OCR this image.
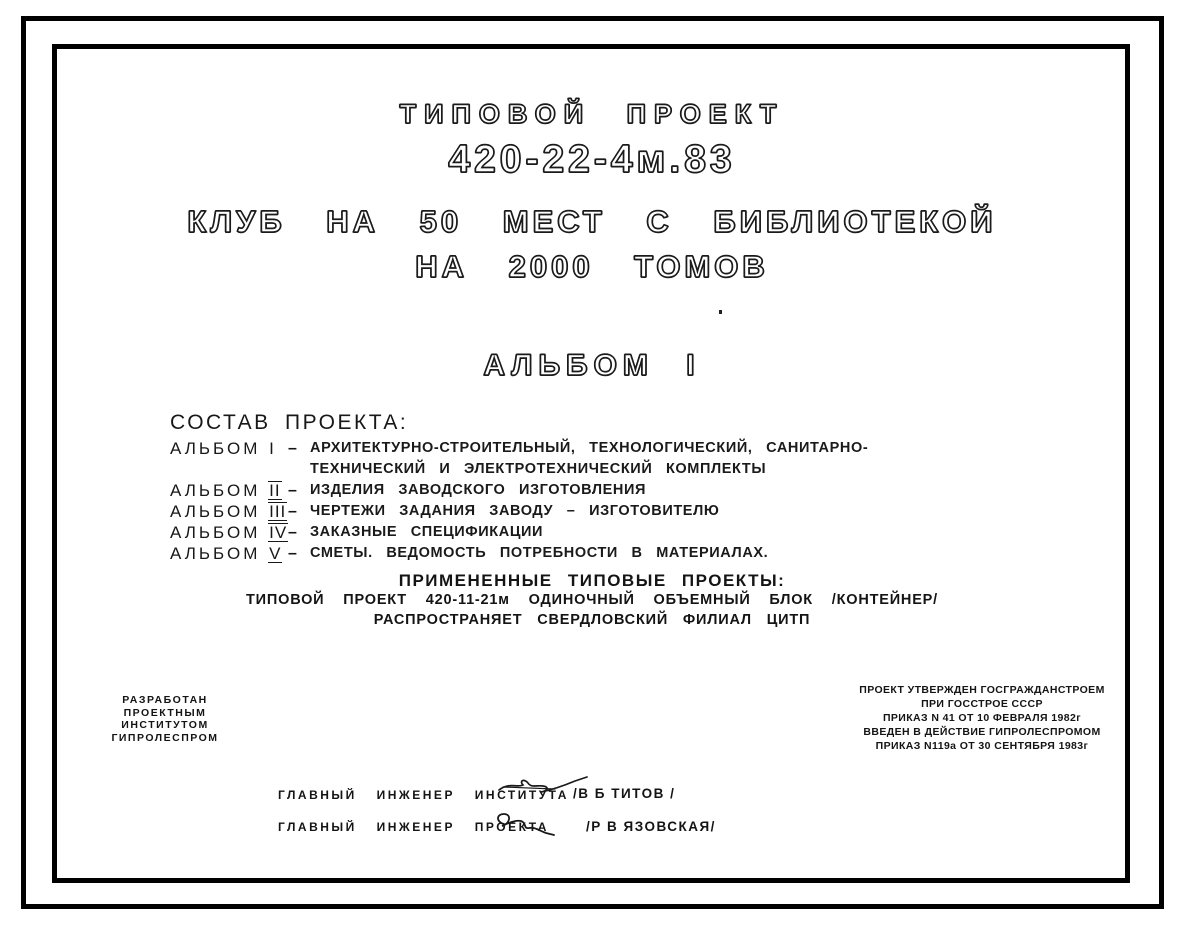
ТИПОВОЙ ПРОЕКТ
420-22-4м.83
КЛУБ НА 50 МЕСТ С БИБЛИОТЕКОЙ
НА 2000 ТОМОВ
АЛЬБОМ I
СОСТАВ ПРОЕКТА:
АЛЬБОМ I – АРХИТЕКТУРНО-СТРОИТЕЛЬНЫЙ, ТЕХНОЛОГИЧЕСКИЙ, САНИТАРНО-ТЕХНИЧЕСКИЙ И ЭЛЕКТРОТЕХНИЧЕСКИЙ КОМПЛЕКТЫ
АЛЬБОМ II – ИЗДЕЛИЯ ЗАВОДСКОГО ИЗГОТОВЛЕНИЯ
АЛЬБОМ III – ЧЕРТЕЖИ ЗАДАНИЯ ЗАВОДУ – ИЗГОТОВИТЕЛЮ
АЛЬБОМ IV – ЗАКАЗНЫЕ СПЕЦИФИКАЦИИ
АЛЬБОМ V – СМЕТЫ. ВЕДОМОСТЬ ПОТРЕБНОСТИ В МАТЕРИАЛАХ.
ПРИМЕНЕННЫЕ ТИПОВЫЕ ПРОЕКТЫ:
ТИПОВОЙ ПРОЕКТ 420-11-21м ОДИНОЧНЫЙ ОБЪЕМНЫЙ БЛОК /КОНТЕЙНЕР/
РАСПРОСТРАНЯЕТ СВЕРДЛОВСКИЙ ФИЛИАЛ ЦИТП
РАЗРАБОТАН
ПРОЕКТНЫМ ИНСТИТУТОМ
ГИПРОЛЕСПРОМ
ПРОЕКТ УТВЕРЖДЕН ГОСГРАЖДАНСТРОЕМ
ПРИ ГОССТРОЕ СССР
ПРИКАЗ N 41 ОТ 10 ФЕВРАЛЯ 1982г
ВВЕДЕН В ДЕЙСТВИЕ ГИПРОЛЕСПРОМОМ
ПРИКАЗ N119а ОТ 30 СЕНТЯБРЯ 1983г
ГЛАВНЫЙ ИНЖЕНЕР ИНСТИТУТА /В Б ТИТОВ /
ГЛАВНЫЙ ИНЖЕНЕР ПРОЕКТА	/Р В ЯЗОВСКАЯ/
